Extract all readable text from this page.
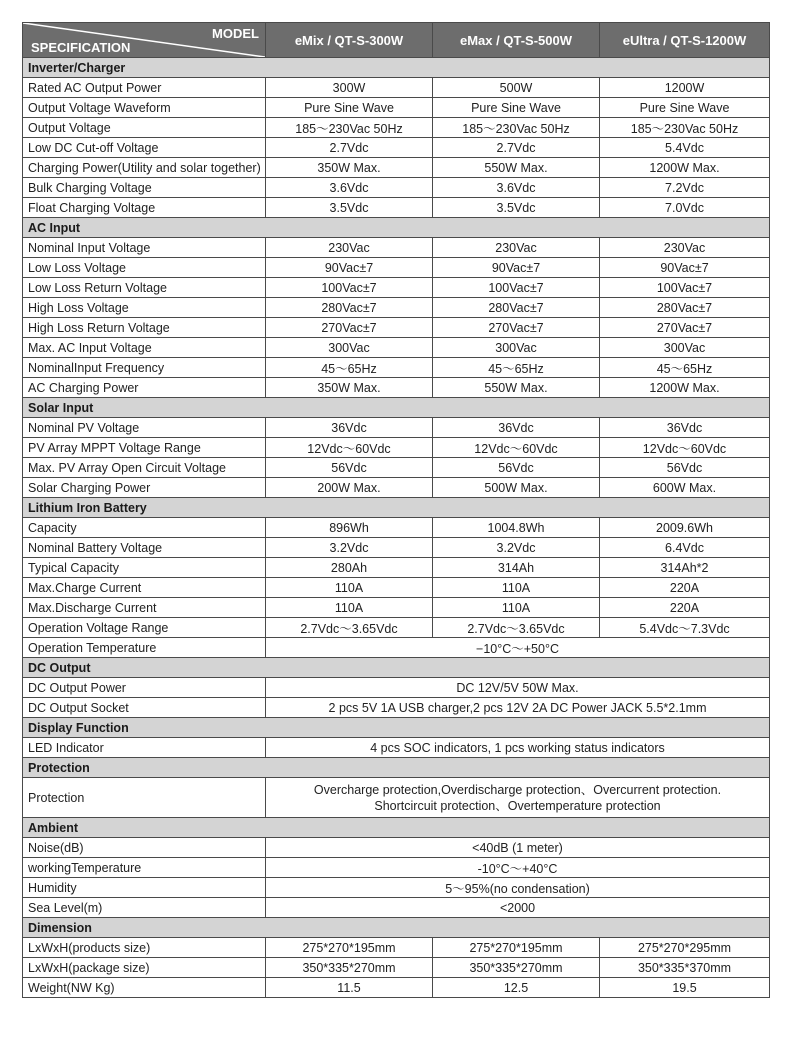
MODEL
SPECIFICATION	eMix / QT-S-300W	eMax / QT-S-500W	eUltra / QT-S-1200W
Inverter/Charger			
Rated AC Output Power	300W	500W	1200W
Output Voltage Waveform	Pure Sine Wave	Pure Sine Wave	Pure Sine Wave
Output Voltage	185～230Vac 50Hz	185～230Vac 50Hz	185～230Vac 50Hz
Low DC Cut-off Voltage	2.7Vdc	2.7Vdc	5.4Vdc
Charging Power(Utility and solar together)	350W Max.	550W Max.	1200W Max.
Bulk Charging Voltage	3.6Vdc	3.6Vdc	7.2Vdc
Float Charging Voltage	3.5Vdc	3.5Vdc	7.0Vdc
AC Input			
Nominal Input Voltage	230Vac	230Vac	230Vac
Low Loss Voltage	90Vac±7	90Vac±7	90Vac±7
Low Loss Return Voltage	100Vac±7	100Vac±7	100Vac±7
High Loss Voltage	280Vac±7	280Vac±7	280Vac±7
High Loss Return Voltage	270Vac±7	270Vac±7	270Vac±7
Max. AC Input Voltage	300Vac	300Vac	300Vac
NominalInput Frequency	45～65Hz	45～65Hz	45～65Hz
AC Charging Power	350W Max.	550W Max.	1200W Max.
Solar Input			
Nominal PV Voltage	36Vdc	36Vdc	36Vdc
PV Array MPPT Voltage Range	12Vdc～60Vdc	12Vdc～60Vdc	12Vdc～60Vdc
Max. PV Array Open Circuit Voltage	56Vdc	56Vdc	56Vdc
Solar Charging Power	200W Max.	500W Max.	600W Max.
Lithium Iron Battery			
Capacity	896Wh	1004.8Wh	2009.6Wh
Nominal Battery Voltage	3.2Vdc	3.2Vdc	6.4Vdc
Typical Capacity	280Ah	314Ah	314Ah*2
Max.Charge Current	110A	110A	220A
Max.Discharge Current	110A	110A	220A
Operation Voltage Range	2.7Vdc～3.65Vdc	2.7Vdc～3.65Vdc	5.4Vdc～7.3Vdc
Operation Temperature	−10°C～+50°C		

DC Output			
DC Output Power	DC 12V/5V 50W Max.		

DC Output Socket	2 pcs 5V 1A USB charger,2 pcs 12V 2A DC Power JACK 5.5*2.1mm		

Display Function			
LED Indicator	4 pcs SOC indicators, 1 pcs working status indicators		

Protection			
Protection	Overcharge protection,Overdischarge protection、Overcurrent protection.
Shortcircuit protection、Overtemperature protection		

Ambient			
Noise(dB)	<40dB (1 meter)		

workingTemperature	-10°C～+40°C		

Humidity	5～95%(no condensation)		

Sea Level(m)	<2000		

Dimension			
LxWxH(products size)	275*270*195mm	275*270*195mm	275*270*295mm
LxWxH(package size)	350*335*270mm	350*335*270mm	350*335*370mm
Weight(NW Kg)	11.5	12.5	19.5
